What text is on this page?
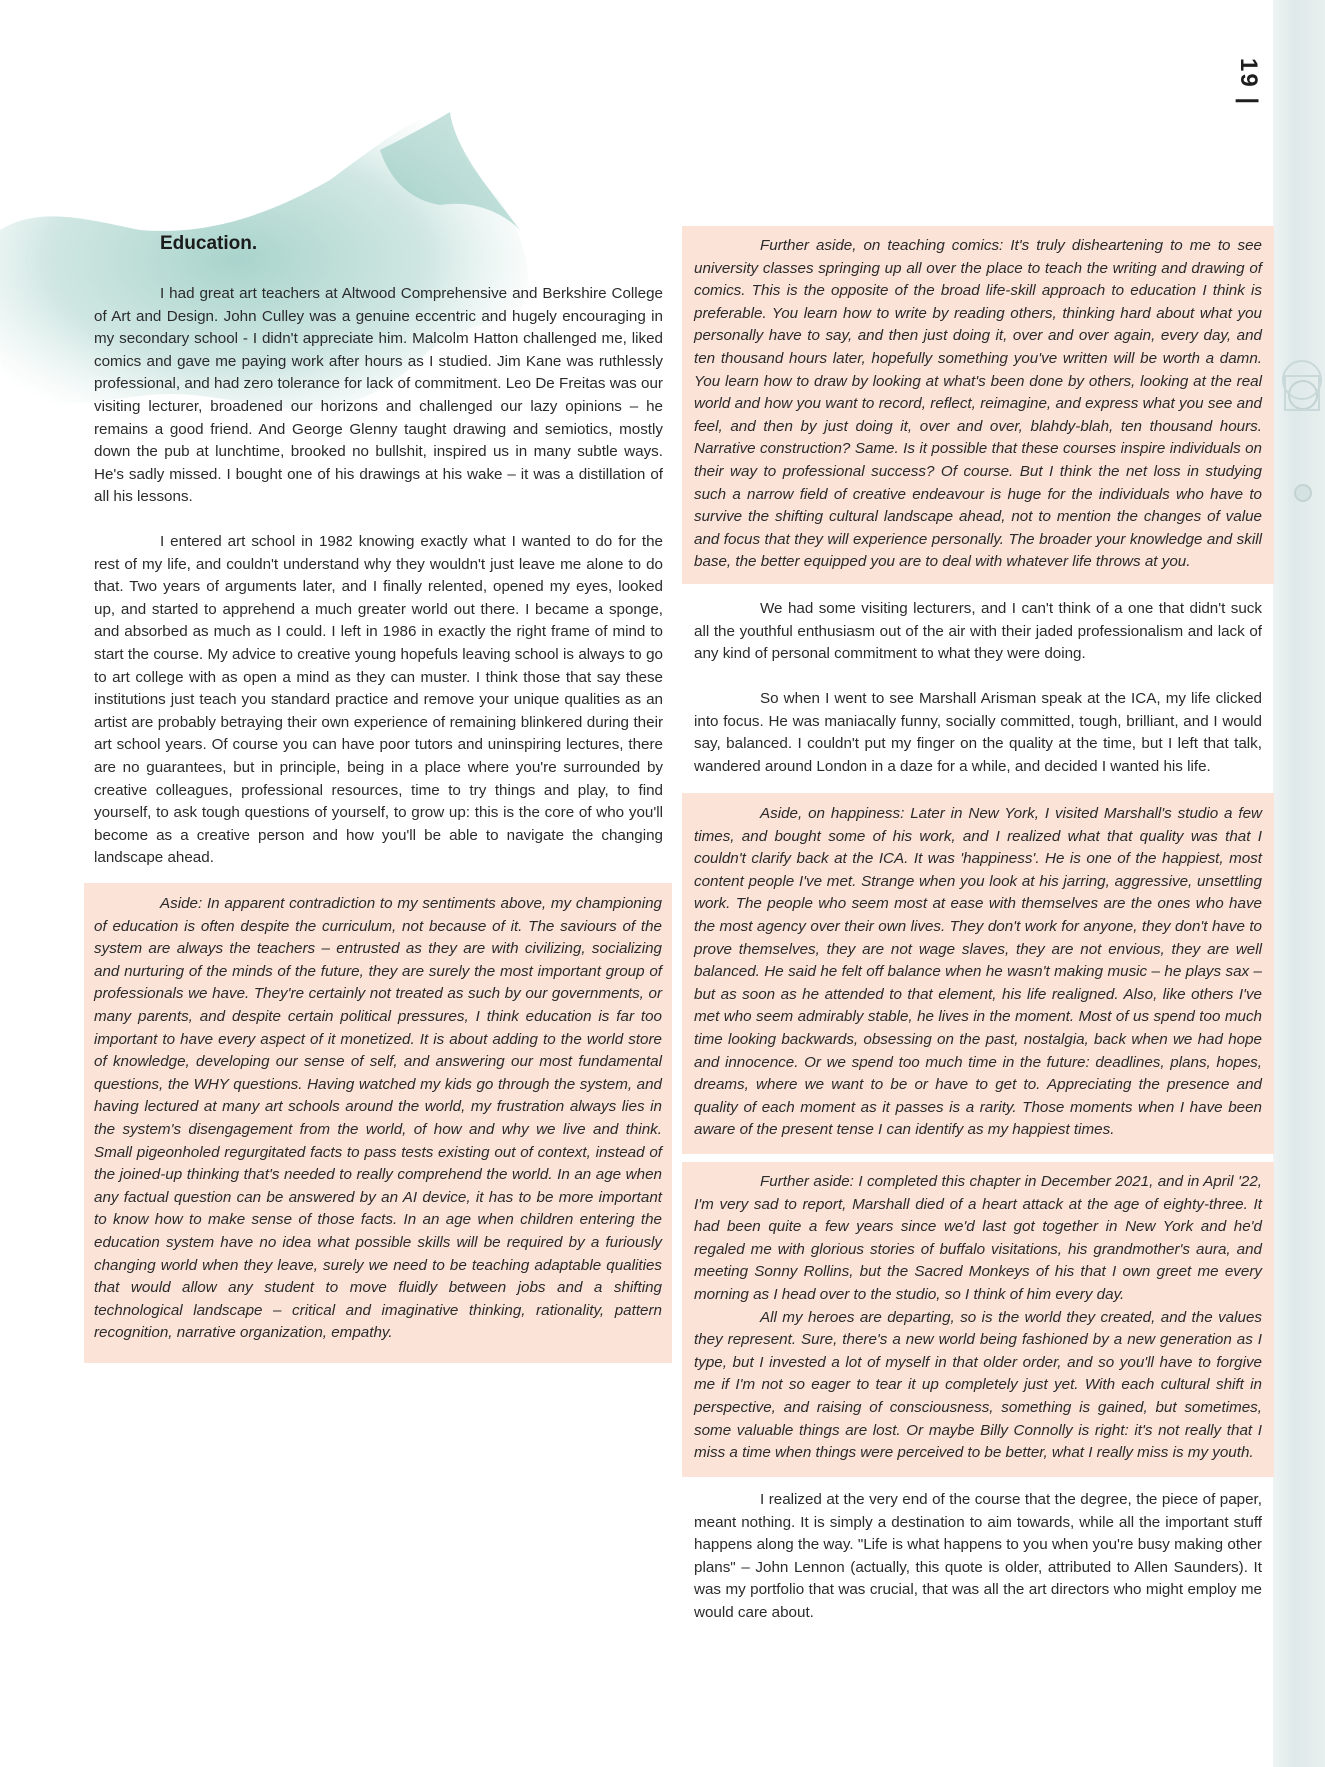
19 |
Education.

I had great art teachers at Altwood Comprehensive and Berkshire College of Art and Design. John Culley was a genuine eccentric and hugely encouraging in my secondary school - I didn't appreciate him. Malcolm Hatton challenged me, liked comics and gave me paying work after hours as I studied. Jim Kane was ruthlessly professional, and had zero tolerance for lack of commitment. Leo De Freitas was our visiting lecturer, broadened our horizons and challenged our lazy opinions – he remains a good friend. And George Glenny taught drawing and semiotics, mostly down the pub at lunchtime, brooked no bullshit, inspired us in many subtle ways. He's sadly missed. I bought one of his drawings at his wake – it was a distillation of all his lessons.

I entered art school in 1982 knowing exactly what I wanted to do for the rest of my life, and couldn't understand why they wouldn't just leave me alone to do that. Two years of arguments later, and I finally relented, opened my eyes, looked up, and started to apprehend a much greater world out there. I became a sponge, and absorbed as much as I could. I left in 1986 in exactly the right frame of mind to start the course. My advice to creative young hopefuls leaving school is always to go to art college with as open a mind as they can muster. I think those that say these institutions just teach you standard practice and remove your unique qualities as an artist are probably betraying their own experience of remaining blinkered during their art school years. Of course you can have poor tutors and uninspiring lectures, there are no guarantees, but in principle, being in a place where you're surrounded by creative colleagues, professional resources, time to try things and play, to find yourself, to ask tough questions of yourself, to grow up: this is the core of who you'll become as a creative person and how you'll be able to navigate the changing landscape ahead.

Aside: In apparent contradiction to my sentiments above, my championing of education is often despite the curriculum, not because of it. The saviours of the system are always the teachers – entrusted as they are with civilizing, socializing and nurturing of the minds of the future, they are surely the most important group of professionals we have. They're certainly not treated as such by our governments, or many parents, and despite certain political pressures, I think education is far too important to have every aspect of it monetized. It is about adding to the world store of knowledge, developing our sense of self, and answering our most fundamental questions, the WHY questions. Having watched my kids go through the system, and having lectured at many art schools around the world, my frustration always lies in the system's disengagement from the world, of how and why we live and think. Small pigeonholed regurgitated facts to pass tests existing out of context, instead of the joined-up thinking that's needed to really comprehend the world. In an age when any factual question can be answered by an AI device, it has to be more important to know how to make sense of those facts. In an age when children entering the education system have no idea what possible skills will be required by a furiously changing world when they leave, surely we need to be teaching adaptable qualities that would allow any student to move fluidly between jobs and a shifting technological landscape – critical and imaginative thinking, rationality, pattern recognition, narrative organization, empathy.

Further aside, on teaching comics: It's truly disheartening to me to see university classes springing up all over the place to teach the writing and drawing of comics. This is the opposite of the broad life-skill approach to education I think is preferable. You learn how to write by reading others, thinking hard about what you personally have to say, and then just doing it, over and over again, every day, and ten thousand hours later, hopefully something you've written will be worth a damn. You learn how to draw by looking at what's been done by others, looking at the real world and how you want to record, reflect, reimagine, and express what you see and feel, and then by just doing it, over and over, blahdy-blah, ten thousand hours. Narrative construction? Same. Is it possible that these courses inspire individuals on their way to professional success? Of course. But I think the net loss in studying such a narrow field of creative endeavour is huge for the individuals who have to survive the shifting cultural landscape ahead, not to mention the changes of value and focus that they will experience personally. The broader your knowledge and skill base, the better equipped you are to deal with whatever life throws at you.

We had some visiting lecturers, and I can't think of a one that didn't suck all the youthful enthusiasm out of the air with their jaded professionalism and lack of any kind of personal commitment to what they were doing.

So when I went to see Marshall Arisman speak at the ICA, my life clicked into focus. He was maniacally funny, socially committed, tough, brilliant, and I would say, balanced. I couldn't put my finger on the quality at the time, but I left that talk, wandered around London in a daze for a while, and decided I wanted his life.

Aside, on happiness: Later in New York, I visited Marshall's studio a few times, and bought some of his work, and I realized what that quality was that I couldn't clarify back at the ICA. It was 'happiness'. He is one of the happiest, most content people I've met. Strange when you look at his jarring, aggressive, unsettling work. The people who seem most at ease with themselves are the ones who have the most agency over their own lives. They don't work for anyone, they don't have to prove themselves, they are not wage slaves, they are not envious, they are well balanced. He said he felt off balance when he wasn't making music – he plays sax – but as soon as he attended to that element, his life realigned. Also, like others I've met who seem admirably stable, he lives in the moment. Most of us spend too much time looking backwards, obsessing on the past, nostalgia, back when we had hope and innocence. Or we spend too much time in the future: deadlines, plans, hopes, dreams, where we want to be or have to get to. Appreciating the presence and quality of each moment as it passes is a rarity. Those moments when I have been aware of the present tense I can identify as my happiest times.

Further aside: I completed this chapter in December 2021, and in April '22, I'm very sad to report, Marshall died of a heart attack at the age of eighty-three. It had been quite a few years since we'd last got together in New York and he'd regaled me with glorious stories of buffalo visitations, his grandmother's aura, and meeting Sonny Rollins, but the Sacred Monkeys of his that I own greet me every morning as I head over to the studio, so I think of him every day.

All my heroes are departing, so is the world they created, and the values they represent. Sure, there's a new world being fashioned by a new generation as I type, but I invested a lot of myself in that older order, and so you'll have to forgive me if I'm not so eager to tear it up completely just yet. With each cultural shift in perspective, and raising of consciousness, something is gained, but sometimes, some valuable things are lost. Or maybe Billy Connolly is right: it's not really that I miss a time when things were perceived to be better, what I really miss is my youth.

I realized at the very end of the course that the degree, the piece of paper, meant nothing. It is simply a destination to aim towards, while all the important stuff happens along the way. "Life is what happens to you when you're busy making other plans" – John Lennon (actually, this quote is older, attributed to Allen Saunders). It was my portfolio that was crucial, that was all the art directors who might employ me would care about.
